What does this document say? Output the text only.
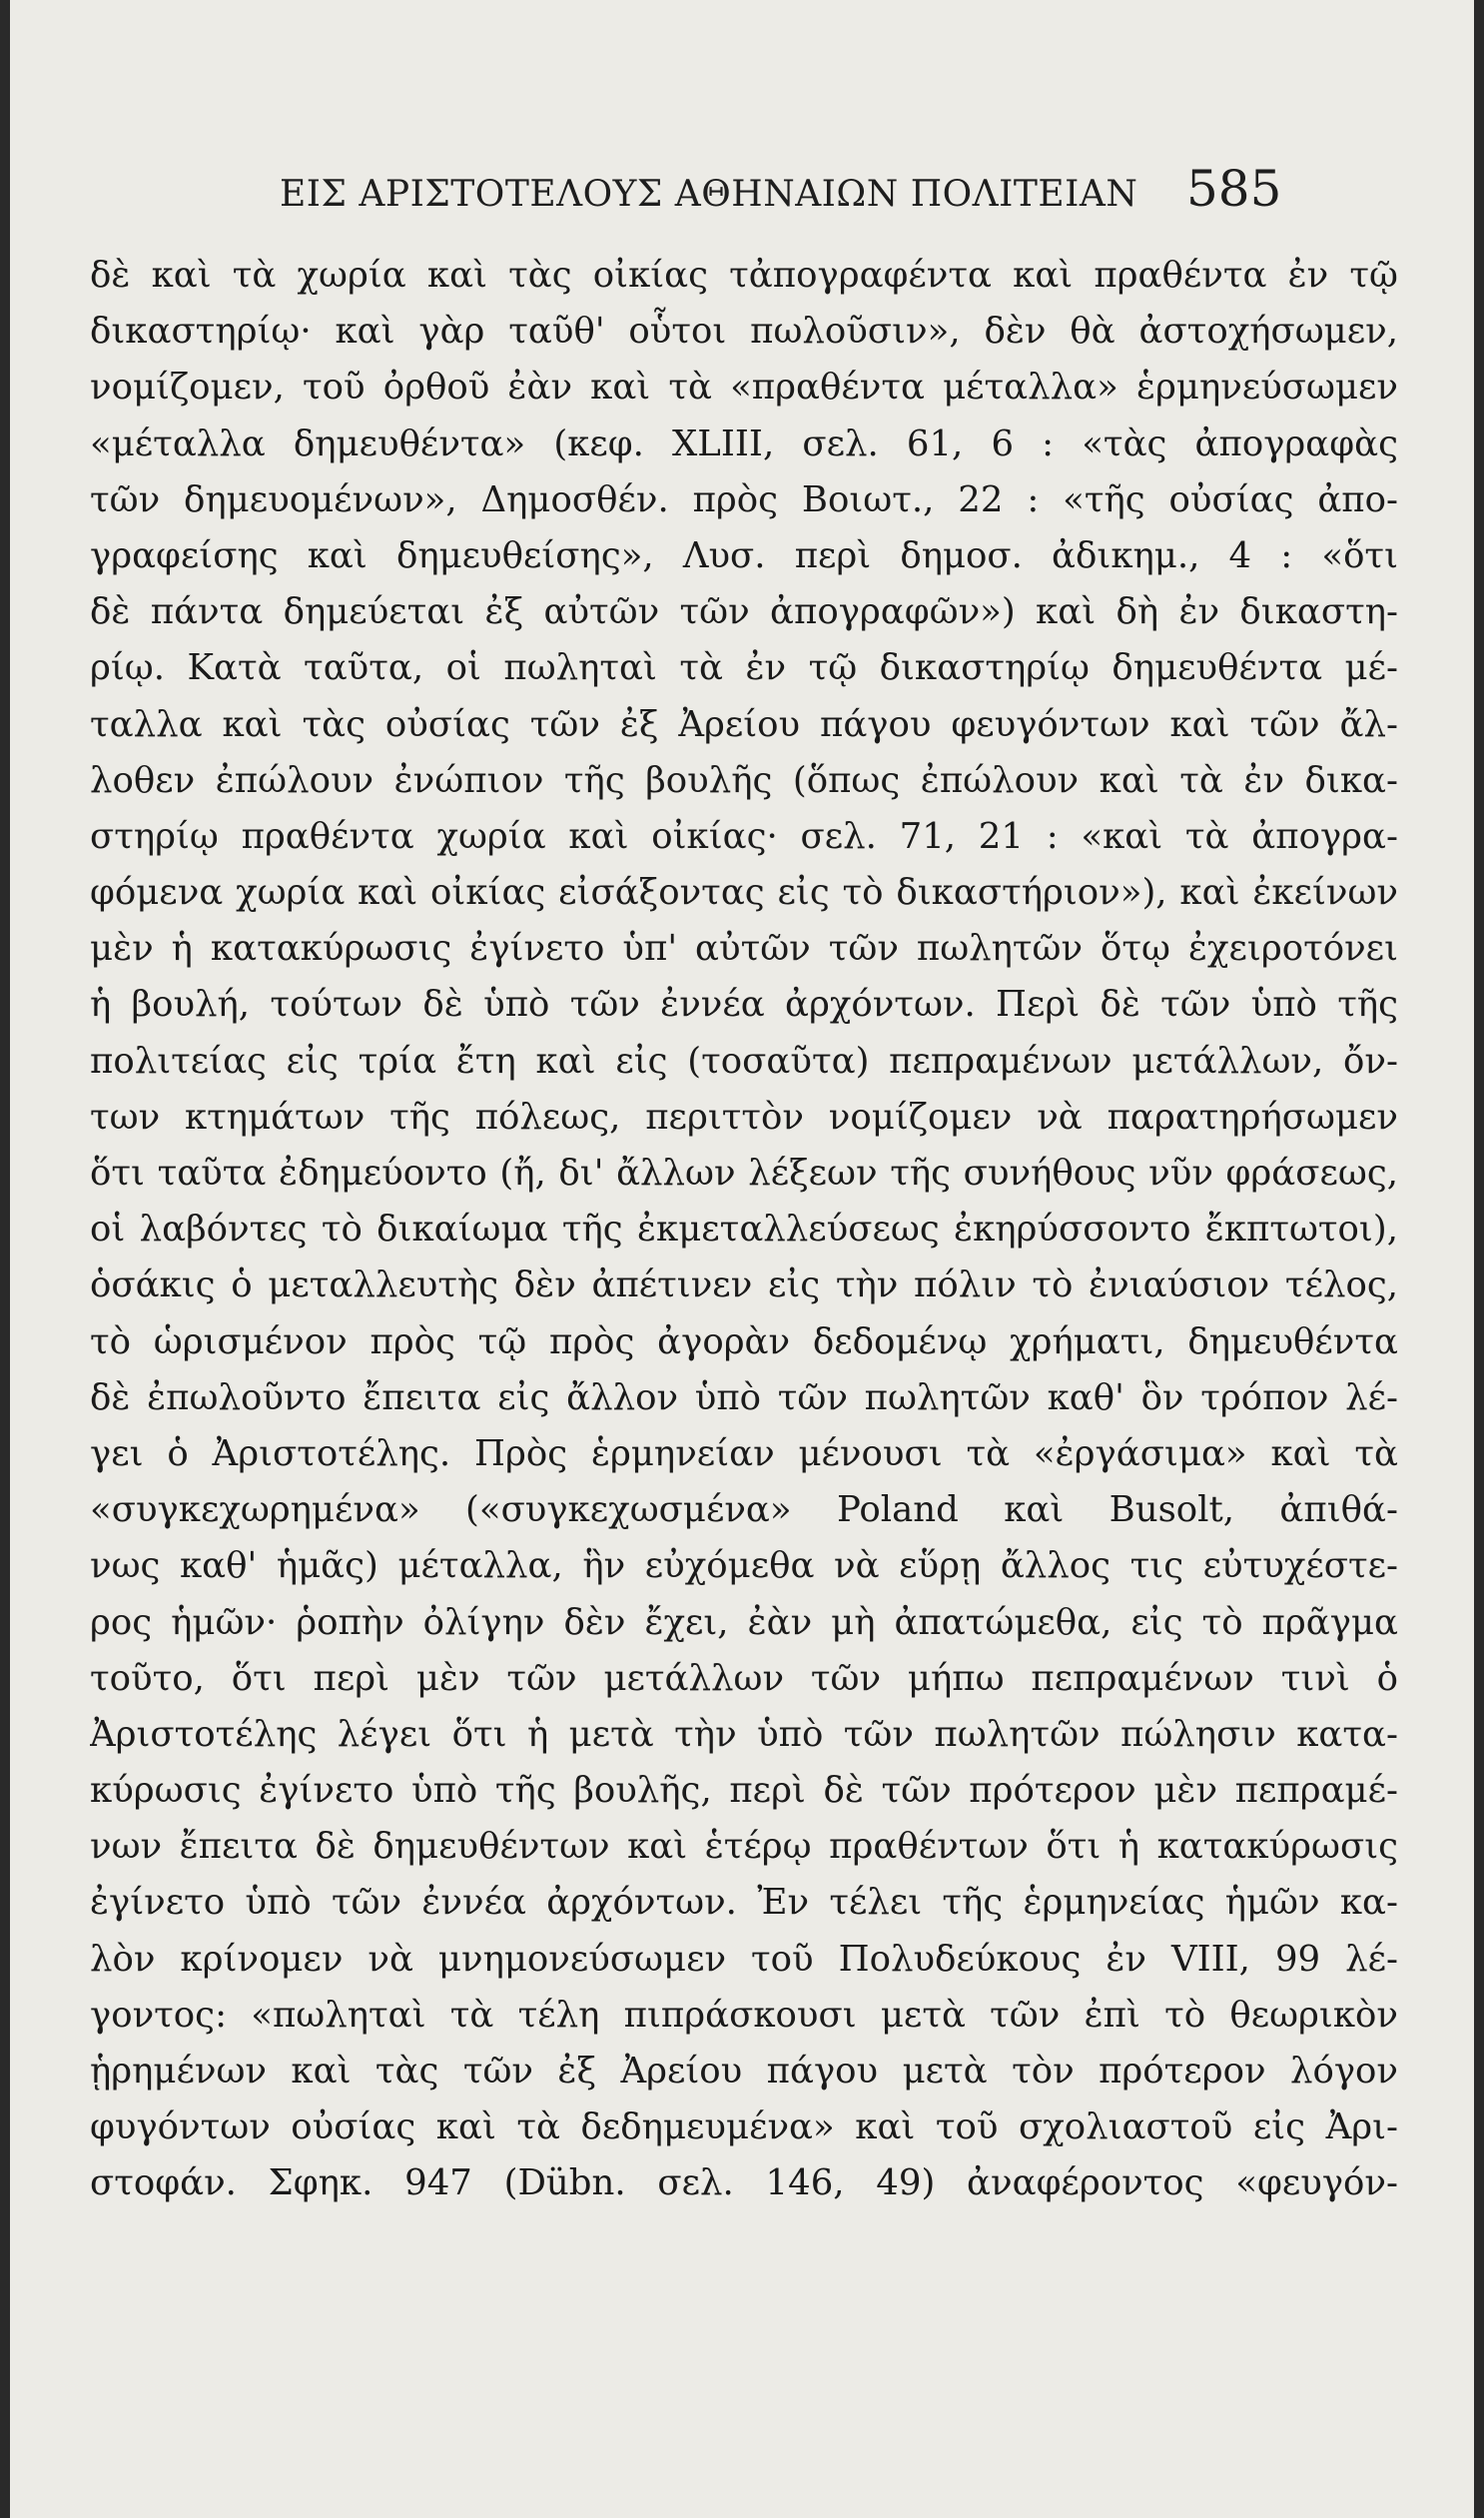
ΕΙΣ ΑΡΙΣΤΟΤΕΛΟΥΣ ΑΘΗΝΑΙΩΝ ΠΟΛΙΤΕΙΑΝ 585
δὲ καὶ τὰ χωρία καὶ τὰς οἰκίας τἀπογραφέντα καὶ πραθέντα ἐν τῷ
δικαστηρίῳ· καὶ γὰρ ταῦθ' οὗτοι πωλοῦσιν», δὲν θὰ ἀστοχήσωμεν,
νομίζομεν, τοῦ ὀρθοῦ ἐὰν καὶ τὰ «πραθέντα μέταλλα» ἑρμηνεύσωμεν
«μέταλλα δημευθέντα» (κεφ. XLIII, σελ. 61, 6 : «τὰς ἀπογραφὰς
τῶν δημευομένων», Δημοσθέν. πρὸς Βοιωτ., 22 : «τῆς οὐσίας ἀπο-
γραφείσης καὶ δημευθείσης», Λυσ. περὶ δημοσ. ἀδικημ., 4 : «ὅτι
δὲ πάντα δημεύεται ἐξ αὐτῶν τῶν ἀπογραφῶν») καὶ δὴ ἐν δικαστη-
ρίῳ. Κατὰ ταῦτα, οἱ πωληταὶ τὰ ἐν τῷ δικαστηρίῳ δημευθέντα μέ-
ταλλα καὶ τὰς οὐσίας τῶν ἐξ Ἀρείου πάγου φευγόντων καὶ τῶν ἄλ-
λοθεν ἐπώλουν ἐνώπιον τῆς βουλῆς (ὅπως ἐπώλουν καὶ τὰ ἐν δικα-
στηρίῳ πραθέντα χωρία καὶ οἰκίας· σελ. 71, 21 : «καὶ τὰ ἀπογρα-
φόμενα χωρία καὶ οἰκίας εἰσάξοντας εἰς τὸ δικαστήριον»), καὶ ἐκείνων
μὲν ἡ κατακύρωσις ἐγίνετο ὑπ' αὐτῶν τῶν πωλητῶν ὅτῳ ἐχειροτόνει
ἡ βουλή, τούτων δὲ ὑπὸ τῶν ἐννέα ἀρχόντων. Περὶ δὲ τῶν ὑπὸ τῆς
πολιτείας εἰς τρία ἔτη καὶ εἰς (τοσαῦτα) πεπραμένων μετάλλων, ὄν-
των κτημάτων τῆς πόλεως, περιττὸν νομίζομεν νὰ παρατηρήσωμεν
ὅτι ταῦτα ἐδημεύοντο (ἤ, δι' ἄλλων λέξεων τῆς συνήθους νῦν φράσεως,
οἱ λαβόντες τὸ δικαίωμα τῆς ἐκμεταλλεύσεως ἐκηρύσσοντο ἔκπτωτοι),
ὁσάκις ὁ μεταλλευτὴς δὲν ἀπέτινεν εἰς τὴν πόλιν τὸ ἐνιαύσιον τέλος,
τὸ ὡρισμένον πρὸς τῷ πρὸς ἀγορὰν δεδομένῳ χρήματι, δημευθέντα
δὲ ἐπωλοῦντο ἔπειτα εἰς ἄλλον ὑπὸ τῶν πωλητῶν καθ' ὃν τρόπον λέ-
γει ὁ Ἀριστοτέλης. Πρὸς ἑρμηνείαν μένουσι τὰ «ἐργάσιμα» καὶ τὰ
«συγκεχωρημένα» («συγκεχωσμένα» Poland καὶ Busolt, ἀπιθά-
νως καθ' ἡμᾶς) μέταλλα, ἣν εὐχόμεθα νὰ εὕρῃ ἄλλος τις εὐτυχέστε-
ρος ἡμῶν· ῥοπὴν ὀλίγην δὲν ἔχει, ἐὰν μὴ ἀπατώμεθα, εἰς τὸ πρᾶγμα
τοῦτο, ὅτι περὶ μὲν τῶν μετάλλων τῶν μήπω πεπραμένων τινὶ ὁ
Ἀριστοτέλης λέγει ὅτι ἡ μετὰ τὴν ὑπὸ τῶν πωλητῶν πώλησιν κατα-
κύρωσις ἐγίνετο ὑπὸ τῆς βουλῆς, περὶ δὲ τῶν πρότερον μὲν πεπραμέ-
νων ἔπειτα δὲ δημευθέντων καὶ ἑτέρῳ πραθέντων ὅτι ἡ κατακύρωσις
ἐγίνετο ὑπὸ τῶν ἐννέα ἀρχόντων. Ἐν τέλει τῆς ἑρμηνείας ἡμῶν κα-
λὸν κρίνομεν νὰ μνημονεύσωμεν τοῦ Πολυδεύκους ἐν VIII, 99 λέ-
γοντος: «πωληταὶ τὰ τέλη πιπράσκουσι μετὰ τῶν ἐπὶ τὸ θεωρικὸν
ᾑρημένων καὶ τὰς τῶν ἐξ Ἀρείου πάγου μετὰ τὸν πρότερον λόγον
φυγόντων οὐσίας καὶ τὰ δεδημευμένα» καὶ τοῦ σχολιαστοῦ εἰς Ἀρι-
στοφάν. Σφηκ. 947 (Dübn. σελ. 146, 49) ἀναφέροντος «φευγόν-
